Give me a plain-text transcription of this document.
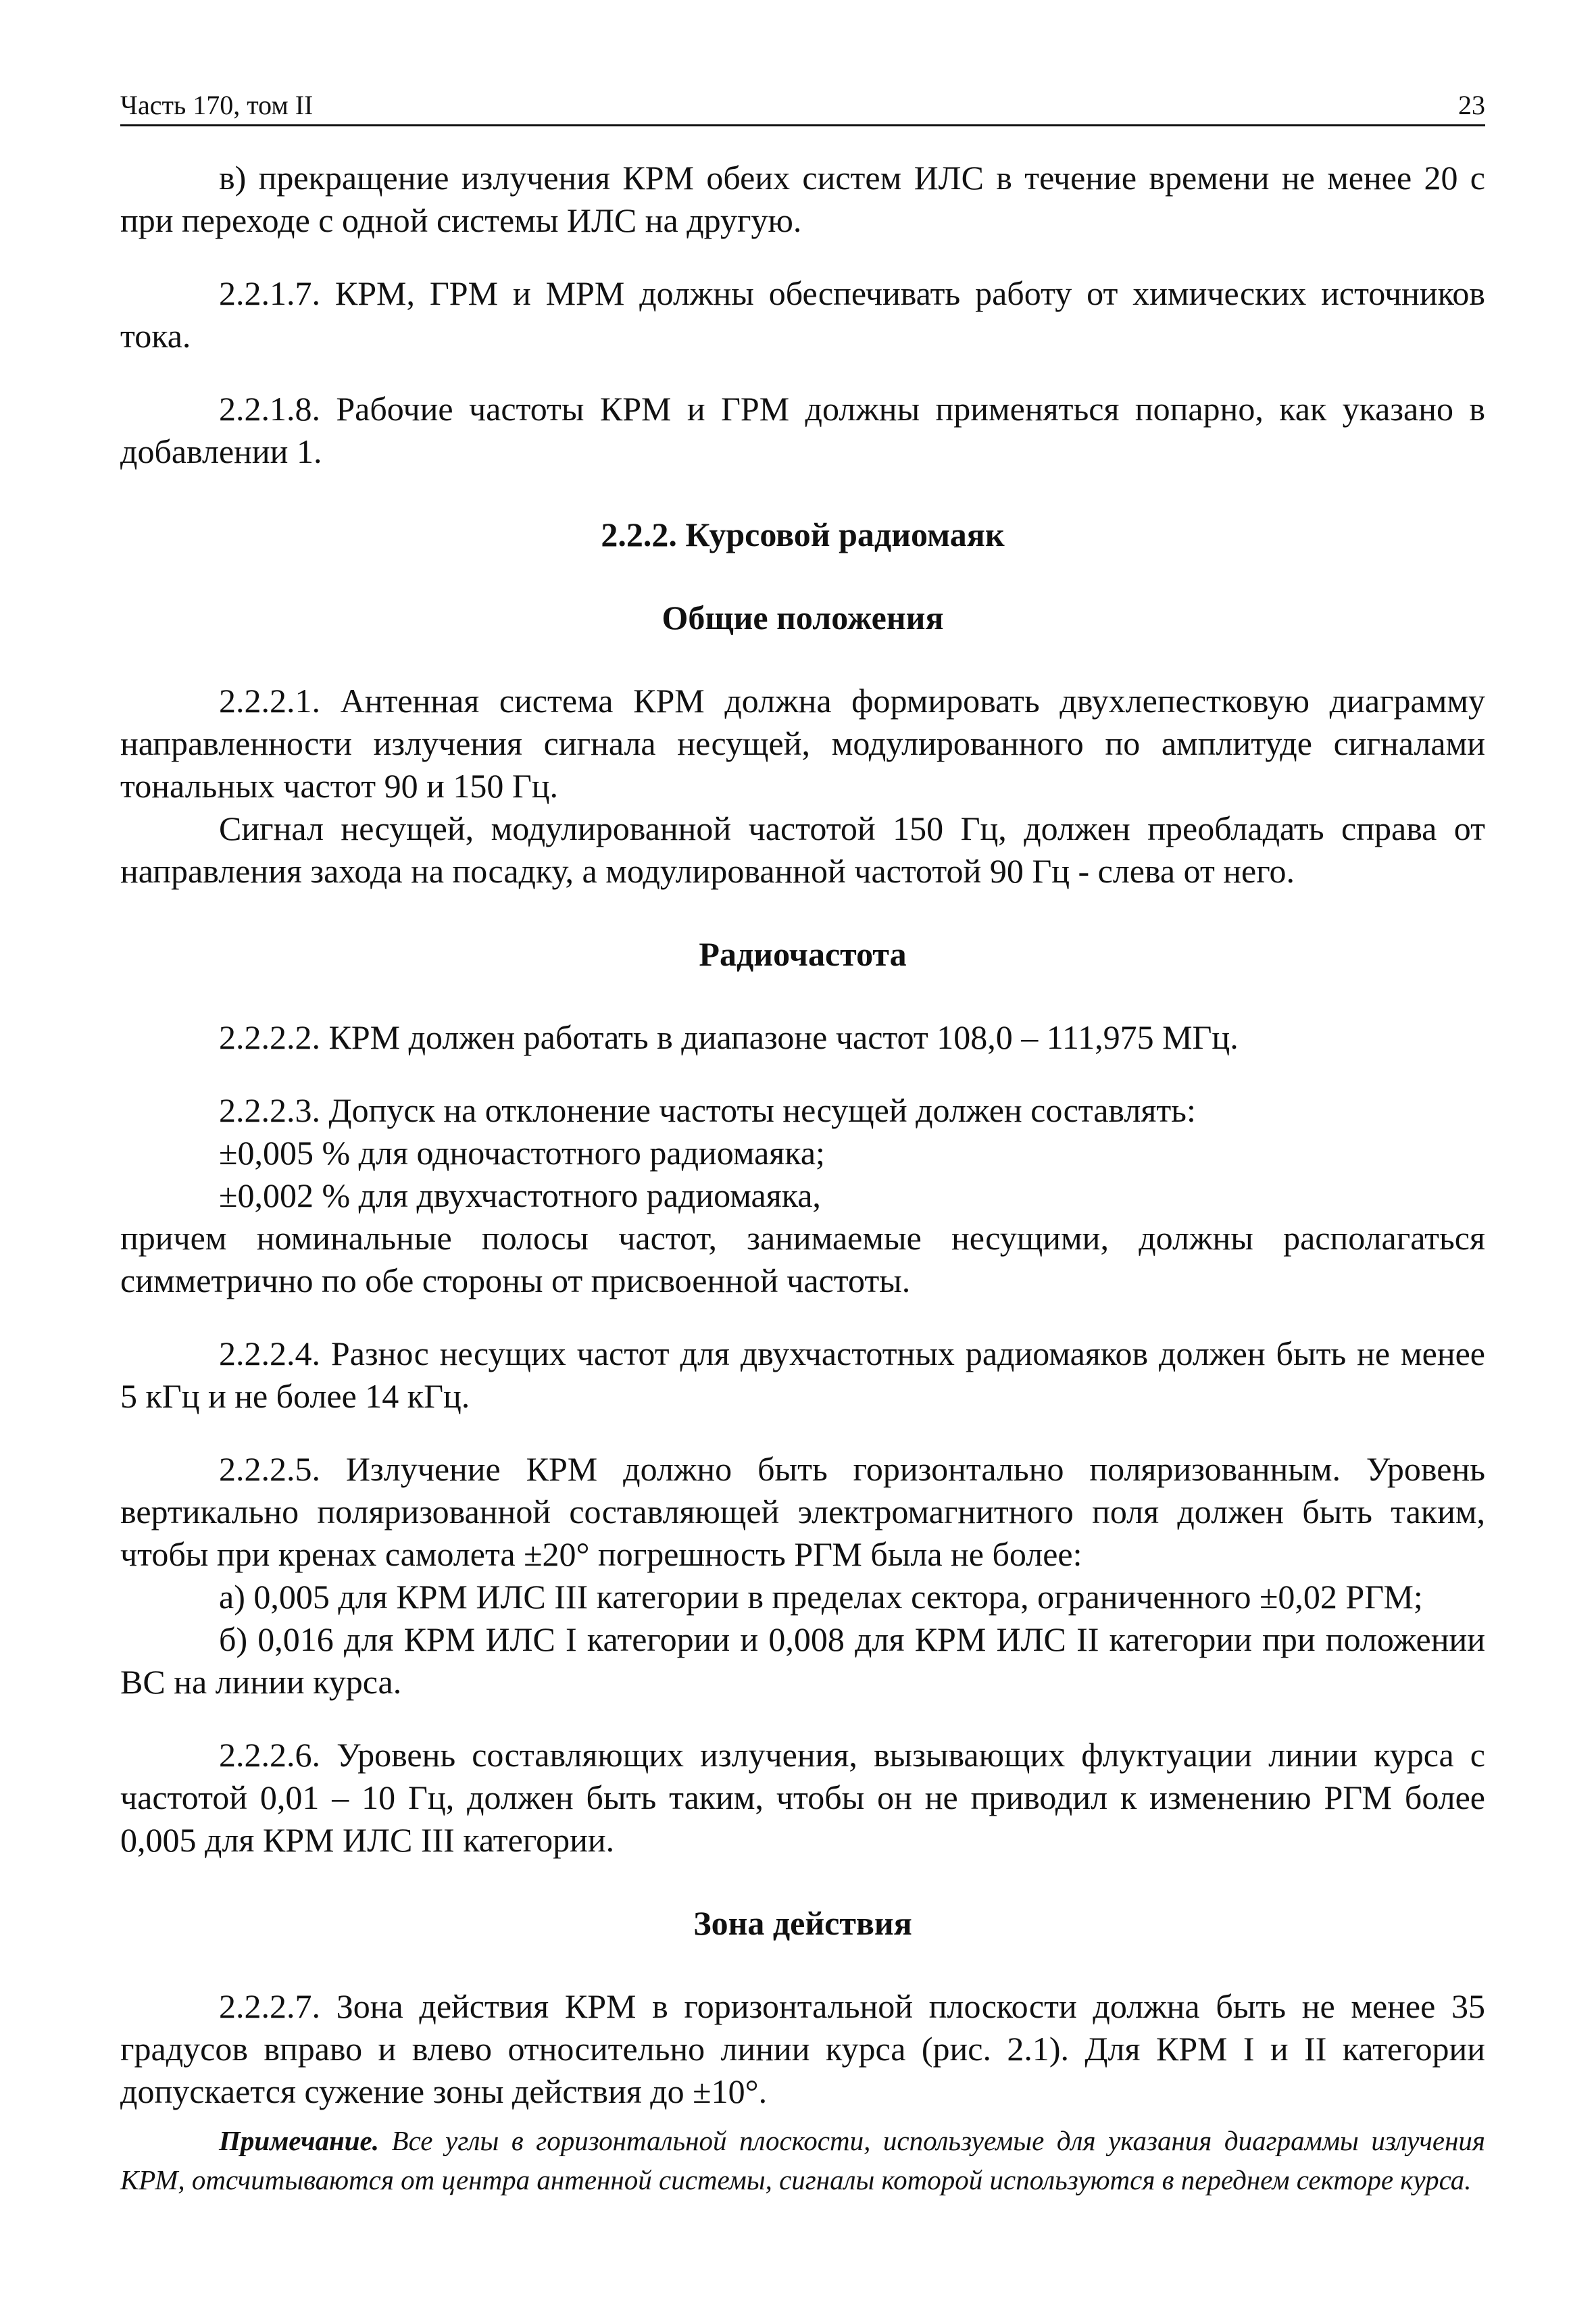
Часть 170, том II	23

в) прекращение излучения КРМ обеих систем ИЛС в течение времени не менее 20 с при переходе с одной системы ИЛС на другую.

2.2.1.7. КРМ, ГРМ и МРМ должны обеспечивать работу от химических источников тока.

2.2.1.8. Рабочие частоты КРМ и ГРМ должны применяться попарно, как указано в добавлении 1.

2.2.2. Курсовой радиомаяк
Общие положения

2.2.2.1. Антенная система КРМ должна формировать двухлепестковую диаграмму направленности излучения сигнала несущей, модулированного по амплитуде сигналами тональных частот 90 и 150 Гц.

Сигнал несущей, модулированной частотой 150 Гц, должен преобладать справа от направления захода на посадку, а модулированной частотой 90 Гц - слева от него.

Радиочастота

2.2.2.2. КРМ должен работать в диапазоне частот 108,0 – 111,975 МГц.

2.2.2.3. Допуск на отклонение частоты несущей должен составлять:

±0,005 % для одночастотного радиомаяка;

±0,002 % для двухчастотного радиомаяка,

причем номинальные полосы частот, занимаемые несущими, должны располагаться симметрично по обе стороны от присвоенной частоты.

2.2.2.4. Разнос несущих частот для двухчастотных радиомаяков должен быть не менее 5 кГц и не более 14 кГц.

2.2.2.5. Излучение КРМ должно быть горизонтально поляризованным. Уровень вертикально поляризованной составляющей электромагнитного поля должен быть таким, чтобы при кренах самолета ±20° погрешность РГМ была не более:

а) 0,005 для КРМ ИЛС III категории в пределах сектора, ограниченного ±0,02 РГМ;

б) 0,016 для КРМ ИЛС I категории и 0,008 для КРМ ИЛС II категории при положении ВС на линии курса.

2.2.2.6. Уровень составляющих излучения, вызывающих флуктуации линии курса с частотой 0,01 – 10 Гц, должен быть таким, чтобы он не приводил к изменению РГМ более 0,005 для КРМ ИЛС III категории.

Зона действия

2.2.2.7. Зона действия КРМ в горизонтальной плоскости должна быть не менее 35 градусов вправо и влево относительно линии курса (рис. 2.1). Для КРМ I и II категории допускается сужение зоны действия до ±10°.

Примечание. Все углы в горизонтальной плоскости, используемые для указания диаграммы излучения КРМ, отсчитываются от центра антенной системы, сигналы которой используются в переднем секторе курса.
